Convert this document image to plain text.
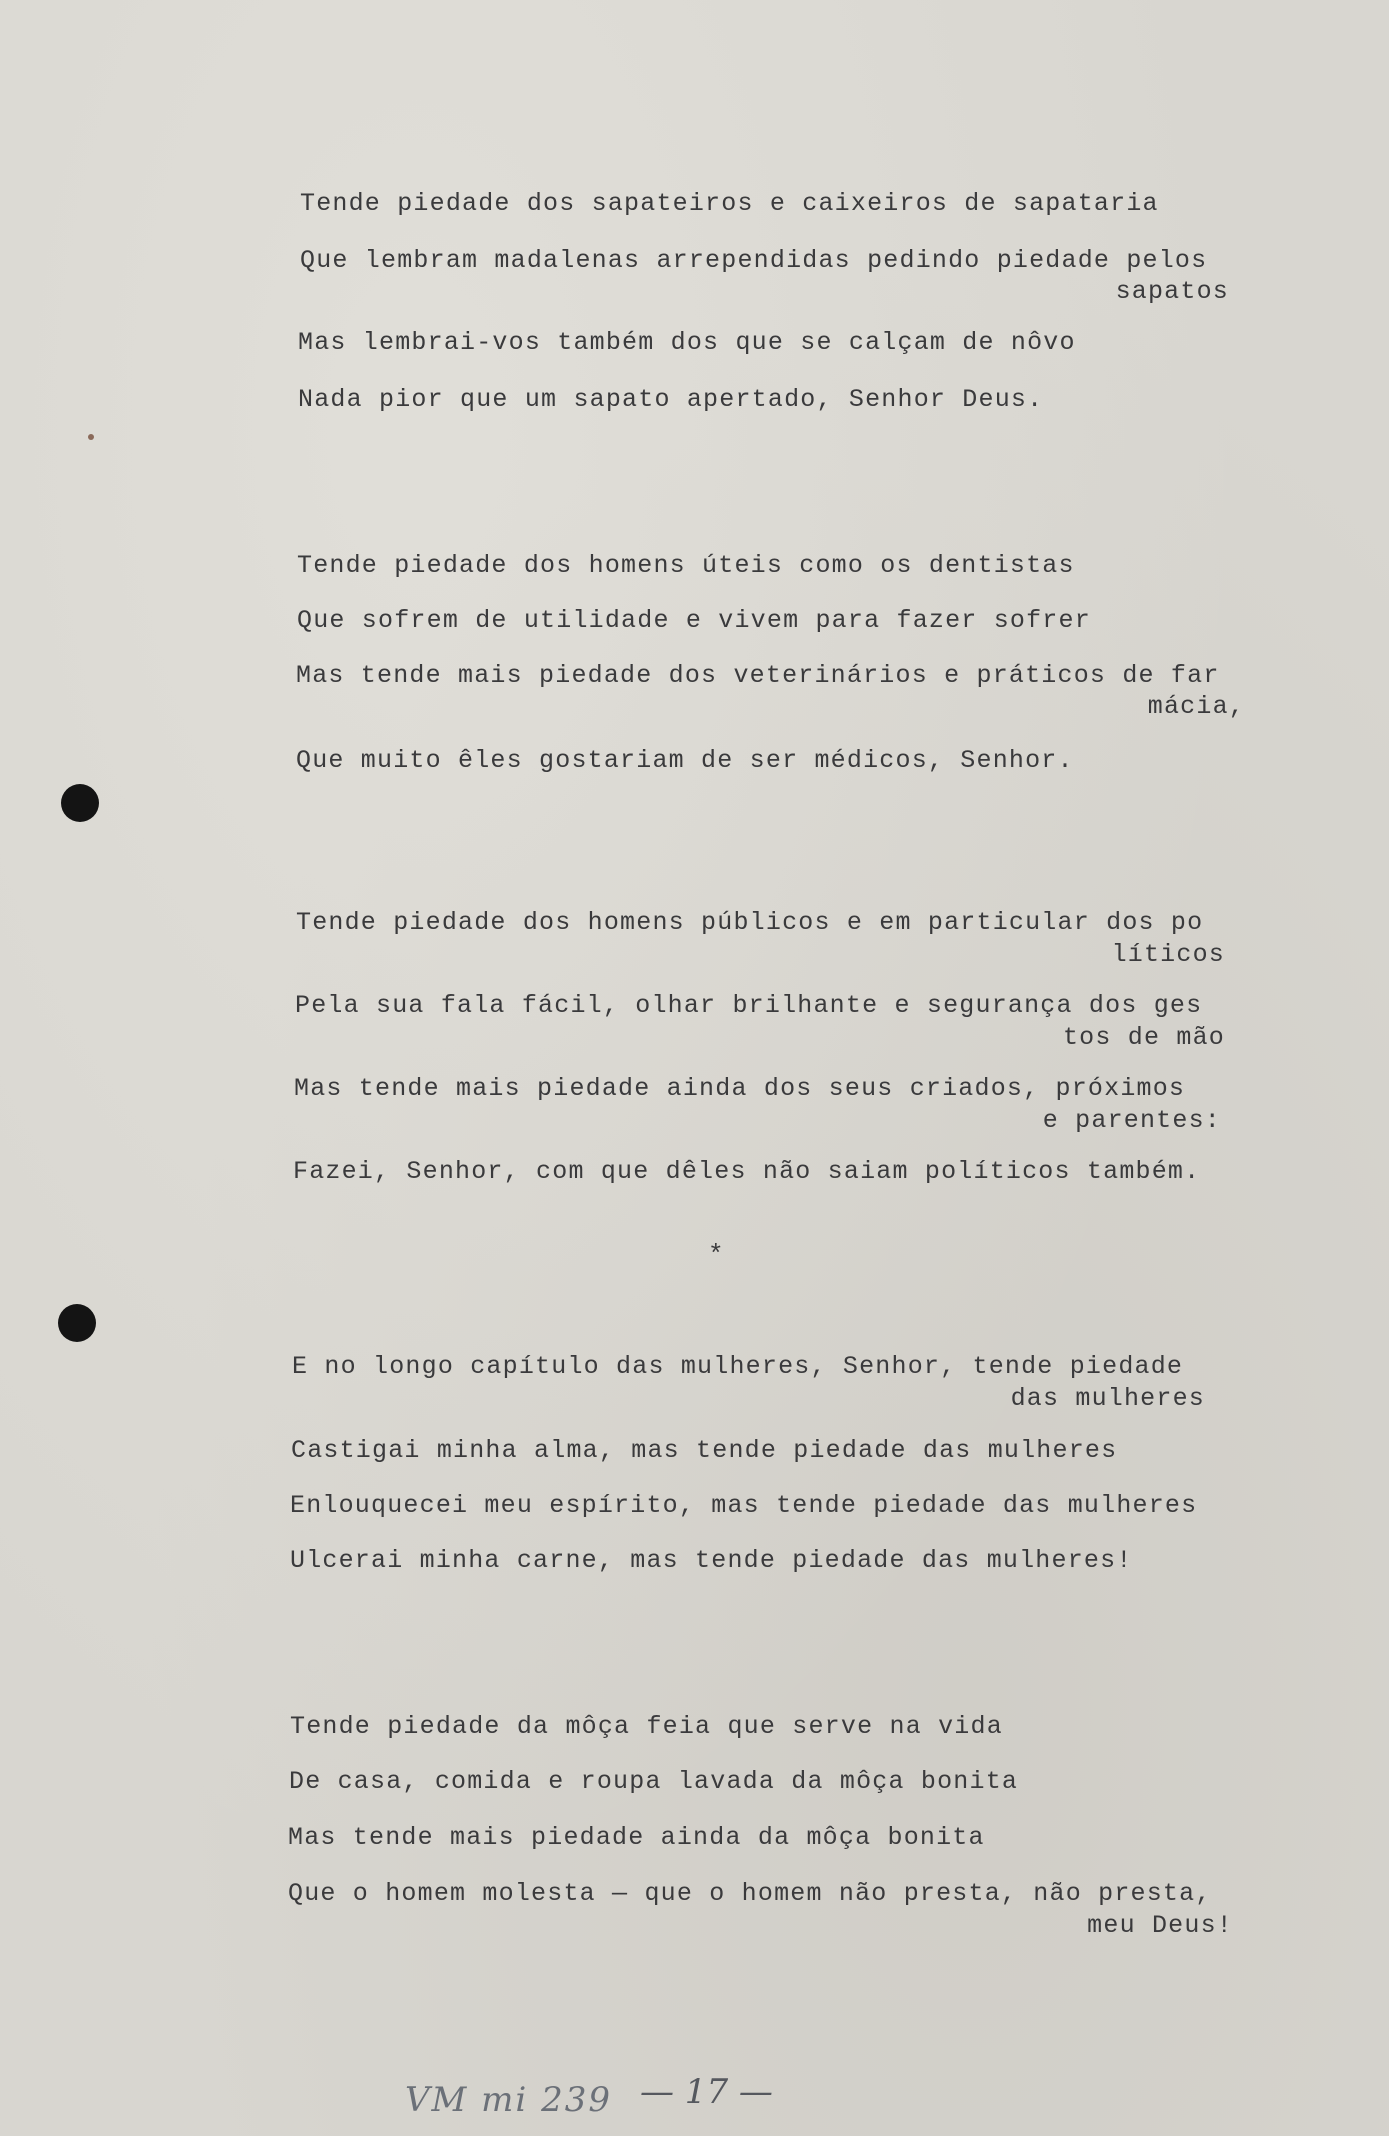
Tende piedade dos sapateiros e caixeiros de sapataria
Que lembram madalenas arrependidas pedindo piedade pelos
sapatos
Mas lembrai-vos também dos que se calçam de nôvo
Nada pior que um sapato apertado, Senhor Deus.
Tende piedade dos homens úteis como os dentistas
Que sofrem de utilidade e vivem para fazer sofrer
Mas tende mais piedade dos veterinários e práticos de far
mácia,
Que muito êles gostariam de ser médicos, Senhor.
Tende piedade dos homens públicos e em particular dos po
líticos
Pela sua fala fácil, olhar brilhante e segurança dos ges
tos de mão
Mas tende mais piedade ainda dos seus criados, próximos
e parentes:
Fazei, Senhor, com que dêles não saiam políticos também.
*
E no longo capítulo das mulheres, Senhor, tende piedade
das mulheres
Castigai minha alma, mas tende piedade das mulheres
Enlouquecei meu espírito, mas tende piedade das mulheres
Ulcerai minha carne, mas tende piedade das mulheres!
Tende piedade da môça feia que serve na vida
De casa, comida e roupa lavada da môça bonita
Mas tende mais piedade ainda da môça bonita
Que o homem molesta — que o homem não presta, não presta,
meu Deus!
VM mi 239 — 17 —
